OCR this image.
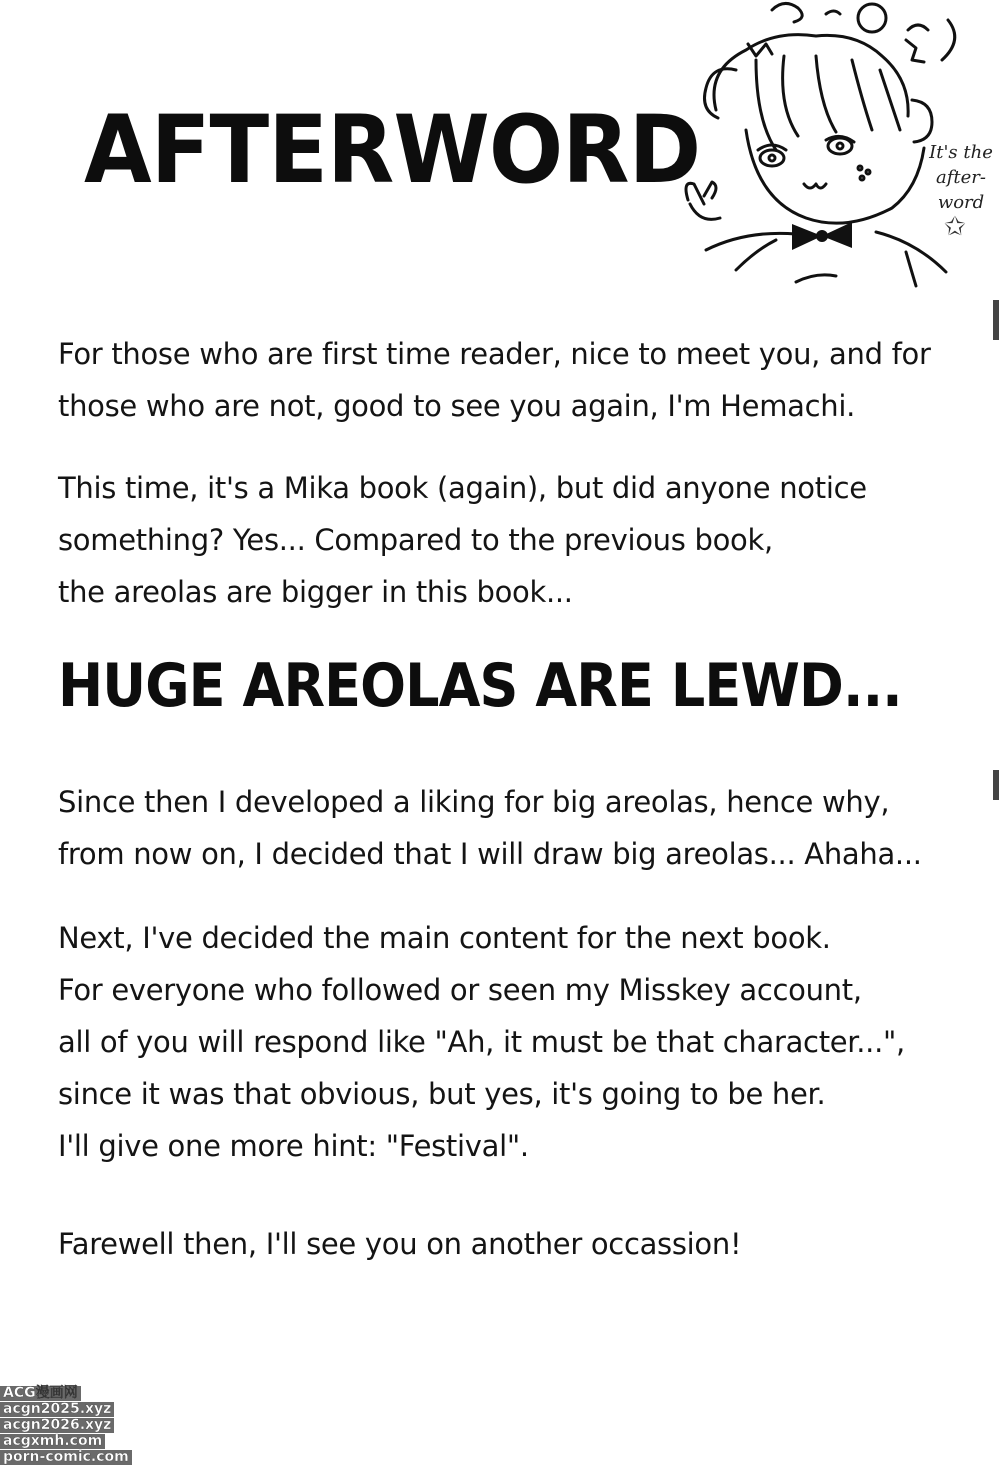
AFTERWORD	It's the
after-
word
✩
For those who are first time reader, nice to meet you, and for
those who are not, good to see you again, I'm Hemachi.
This time, it's a Mika book (again), but did anyone notice
something? Yes... Compared to the previous book,
the areolas are bigger in this book...
HUGE AREOLAS ARE LEWD...
Since then I developed a liking for big areolas, hence why,
from now on, I decided that I will draw big areolas... Ahaha...
Next, I've decided the main content for the next book.
For everyone who followed or seen my Misskey account,
all of you will respond like "Ah, it must be that character...",
since it was that obvious, but yes, it's going to be her.
I'll give one more hint: "Festival".
Farewell then, I'll see you on another occassion!
ACG漫画网
acgn2025.xyz
acgn2026.xyz
acgxmh.com
porn-comic.com
